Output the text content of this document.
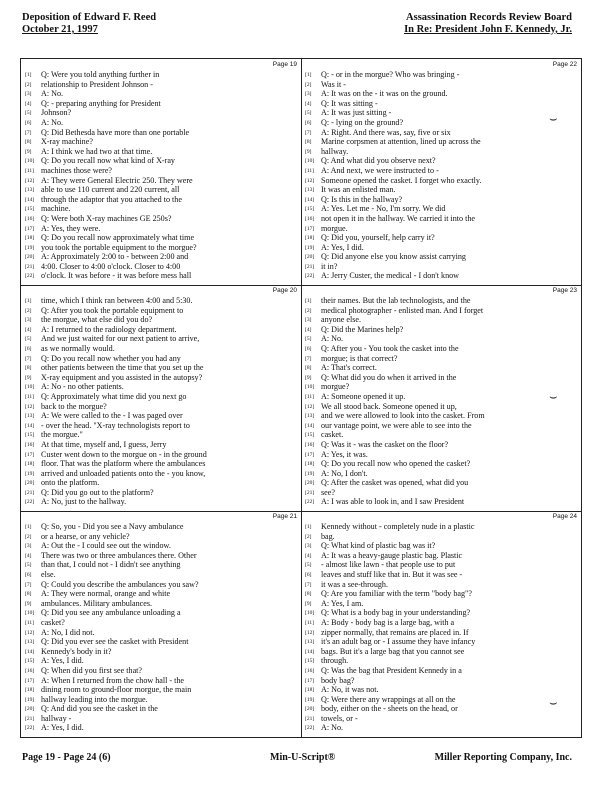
Deposition of Edward F. Reed
October 21, 1997
Assassination Records Review Board
In Re: President John F. Kennedy, Jr.
Page 19
[1] Q: Were you told anything further in
[2] relationship to President Johnson -
[3] A: No.
[4] Q: - preparing anything for President
[5] Johnson?
[6] A: No.
[7] Q: Did Bethesda have more than one portable
[8] X-ray machine?
[9] A: I think we had two at that time.
[10] Q: Do you recall now what kind of X-ray
[11] machines those were?
[12] A: They were General Electric 250. They were
[13] able to use 110 current and 220 current, all
[14] through the adaptor that you attached to the
[15] machine.
[16] Q: Were both X-ray machines GE 250s?
[17] A: Yes, they were.
[18] Q: Do you recall now approximately what time
[19] you took the portable equipment to the morgue?
[20] A: Approximately 2:00 to - between 2:00 and
[21] 4:00. Closer to 4:00 o'clock. Closer to 4:00
[22] o'clock. It was before - it was before mess hall
Page 22
[1] Q: - or in the morgue? Who was bringing -
[2] Was it -
[3] A: It was on the - it was on the ground.
[4] Q: It was sitting -
[5] A: It was just sitting -
[6] Q: - lying on the ground?
[7] A: Right. And there was, say, five or six
[8] Marine corpsmen at attention, lined up across the
[9] hallway.
[10] Q: And what did you observe next?
[11] A: And next, we were instructed to -
[12] Someone opened the casket. I forget who exactly.
[13] It was an enlisted man.
[14] Q: Is this in the hallway?
[15] A: Yes. Let me - No, I'm sorry. We did
[16] not open it in the hallway. We carried it into the
[17] morgue.
[18] Q: Did you, yourself, help carry it?
[19] A: Yes, I did.
[20] Q: Did anyone else you know assist carrying
[21] it in?
[22] A: Jerry Custer, the medical - I don't know
Page 20
[1] time, which I think ran between 4:00 and 5:30.
[2] Q: After you took the portable equipment to
[3] the morgue, what else did you do?
[4] A: I returned to the radiology department.
[5] And we just waited for our next patient to arrive,
[6] as we normally would.
[7] Q: Do you recall now whether you had any
[8] other patients between the time that you set up the
[9] X-ray equipment and you assisted in the autopsy?
[10] A: No - no other patients.
[11] Q: Approximately what time did you next go
[12] back to the morgue?
[13] A: We were called to the - I was paged over
[14] - over the head. "X-ray technologists report to
[15] the morgue."
[16] At that time, myself and, I guess, Jerry
[17] Custer went down to the morgue on - in the ground
[18] floor. That was the platform where the ambulances
[19] arrived and unloaded patients onto the - you know,
[20] onto the platform.
[21] Q: Did you go out to the platform?
[22] A: No, just to the hallway.
Page 23
[1] their names. But the lab technologists, and the
[2] medical photographer - enlisted man. And I forget
[3] anyone else.
[4] Q: Did the Marines help?
[5] A: No.
[6] Q: After you - You took the casket into the
[7] morgue; is that correct?
[8] A: That's correct.
[9] Q: What did you do when it arrived in the
[10] morgue?
[11] A: Someone opened it up.
[12] We all stood back. Someone opened it up,
[13] and we were allowed to look into the casket. From
[14] our vantage point, we were able to see into the
[15] casket.
[16] Q: Was it - was the casket on the floor?
[17] A: Yes, it was.
[18] Q: Do you recall now who opened the casket?
[19] A: No, I don't.
[20] Q: After the casket was opened, what did you
[21] see?
[22] A: I was able to look in, and I saw President
Page 21
[1] Q: So, you - Did you see a Navy ambulance
[2] or a hearse, or any vehicle?
[3] A: Out the - I could see out the window.
[4] There was two or three ambulances there. Other
[5] than that, I could not - I didn't see anything
[6] else.
[7] Q: Could you describe the ambulances you saw?
[8] A: They were normal, orange and white
[9] ambulances. Military ambulances.
[10] Q: Did you see any ambulance unloading a
[11] casket?
[12] A: No, I did not.
[13] Q: Did you ever see the casket with President
[14] Kennedy's body in it?
[15] A: Yes, I did.
[16] Q: When did you first see that?
[17] A: When I returned from the chow hall - the
[18] dining room to ground-floor morgue, the main
[19] hallway leading into the morgue.
[20] Q: And did you see the casket in the
[21] hallway -
[22] A: Yes, I did.
Page 24
[1] Kennedy without - completely nude in a plastic
[2] bag.
[3] Q: What kind of plastic bag was it?
[4] A: It was a heavy-gauge plastic bag. Plastic
[5] - almost like lawn - that people use to put
[6] leaves and stuff like that in. But it was see -
[7] it was a see-through.
[8] Q: Are you familiar with the term "body bag"?
[9] A: Yes, I am.
[10] Q: What is a body bag in your understanding?
[11] A: Body - body bag is a large bag, with a
[12] zipper normally, that remains are placed in. If
[13] it's an adult bag or - I assume they have infancy
[14] bags. But it's a large bag that you cannot see
[15] through.
[16] Q: Was the bag that President Kennedy in a
[17] body bag?
[18] A: No, it was not.
[19] Q: Were there any wrappings at all on the
[20] body, either on the - sheets on the head, or
[21] towels, or -
[22] A: No.
⌣
⌣
⌣
Page 19 - Page 24 (6)	Min-U-Script®	Miller Reporting Company, Inc.
